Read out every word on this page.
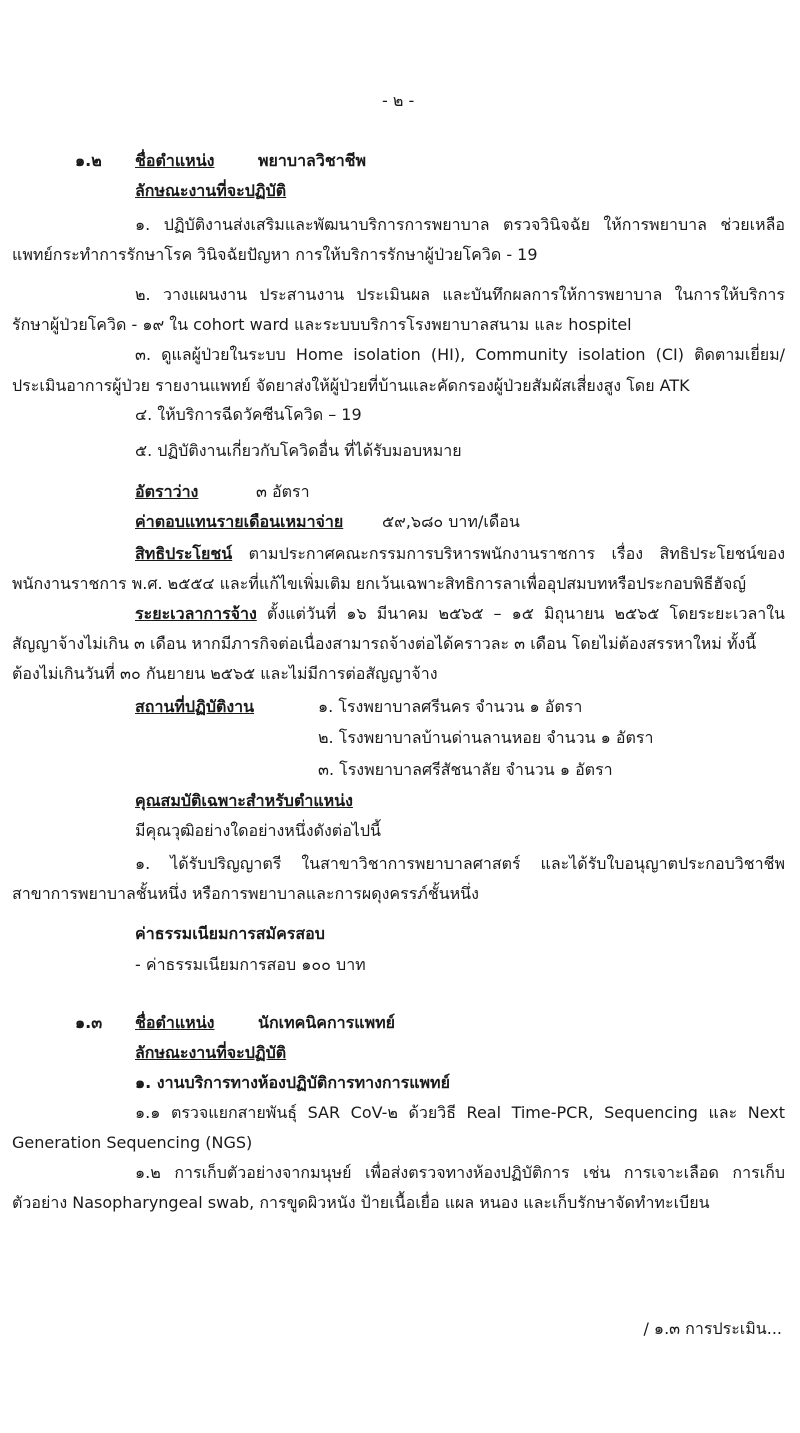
- ๒ -
๑.๒ ชื่อตำแหน่ง	พยาบาลวิชาชีพ
ลักษณะงานที่จะปฏิบัติ
๑. ปฏิบัติงานส่งเสริมและพัฒนาบริการการพยาบาล ตรวจวินิจฉัย ให้การพยาบาล ช่วยเหลือ
แพทย์กระทำการรักษาโรค วินิจฉัยปัญหา การให้บริการรักษาผู้ป่วยโควิด - 19
๒. วางแผนงาน ประสานงาน ประเมินผล และบันทึกผลการให้การพยาบาล ในการให้บริการ
รักษาผู้ป่วยโควิด - ๑๙ ใน cohort ward และระบบบริการโรงพยาบาลสนาม และ hospitel
๓. ดูแลผู้ป่วยในระบบ Home isolation (HI), Community isolation (CI) ติดตามเยี่ยม/
ประเมินอาการผู้ป่วย รายงานแพทย์ จัดยาส่งให้ผู้ป่วยที่บ้านและคัดกรองผู้ป่วยสัมผัสเสี่ยงสูง โดย ATK
๔. ให้บริการฉีดวัคซีนโควิด – 19
๕. ปฏิบัติงานเกี่ยวกับโควิดอื่น ที่ได้รับมอบหมาย
อัตราว่าง	๓ อัตรา
ค่าตอบแทนรายเดือนเหมาจ่าย ๕๙,๖๘๐ บาท/เดือน
สิทธิประโยชน์ ตามประกาศคณะกรรมการบริหารพนักงานราชการ เรื่อง สิทธิประโยชน์ของ
พนักงานราชการ พ.ศ. ๒๕๕๔ และที่แก้ไขเพิ่มเติม ยกเว้นเฉพาะสิทธิการลาเพื่ออุปสมบทหรือประกอบพิธีฮัจญ์
ระยะเวลาการจ้าง ตั้งแต่วันที่ ๑๖ มีนาคม ๒๕๖๕ – ๑๕ มิถุนายน ๒๕๖๕ โดยระยะเวลาใน
สัญญาจ้างไม่เกิน ๓ เดือน หากมีภารกิจต่อเนื่องสามารถจ้างต่อได้คราวละ ๓ เดือน โดยไม่ต้องสรรหาใหม่ ทั้งนี้
ต้องไม่เกินวันที่ ๓๐ กันยายน ๒๕๖๕ และไม่มีการต่อสัญญาจ้าง
สถานที่ปฏิบัติงาน	๑. โรงพยาบาลศรีนคร จำนวน ๑ อัตรา
๒. โรงพยาบาลบ้านด่านลานหอย จำนวน ๑ อัตรา
๓. โรงพยาบาลศรีสัชนาลัย จำนวน ๑ อัตรา
คุณสมบัติเฉพาะสำหรับตำแหน่ง
มีคุณวุฒิอย่างใดอย่างหนึ่งดังต่อไปนี้
๑. ได้รับปริญญาตรี ในสาขาวิชาการพยาบาลศาสตร์ และได้รับใบอนุญาตประกอบวิชาชีพ
สาขาการพยาบาลชั้นหนึ่ง หรือการพยาบาลและการผดุงครรภ์ชั้นหนึ่ง
ค่าธรรมเนียมการสมัครสอบ
- ค่าธรรมเนียมการสอบ ๑๐๐ บาท
๑.๓ ชื่อตำแหน่ง	นักเทคนิคการแพทย์
ลักษณะงานที่จะปฏิบัติ
๑. งานบริการทางห้องปฏิบัติการทางการแพทย์
๑.๑ ตรวจแยกสายพันธุ์ SAR CoV-๒ ด้วยวิธี Real Time-PCR, Sequencing และ Next
Generation Sequencing (NGS)
๑.๒ การเก็บตัวอย่างจากมนุษย์ เพื่อส่งตรวจทางห้องปฏิบัติการ เช่น การเจาะเลือด การเก็บ
ตัวอย่าง Nasopharyngeal swab, การขูดผิวหนัง ป้ายเนื้อเยื่อ แผล หนอง และเก็บรักษาจัดทำทะเบียน
/ ๑.๓ การประเมิน...
